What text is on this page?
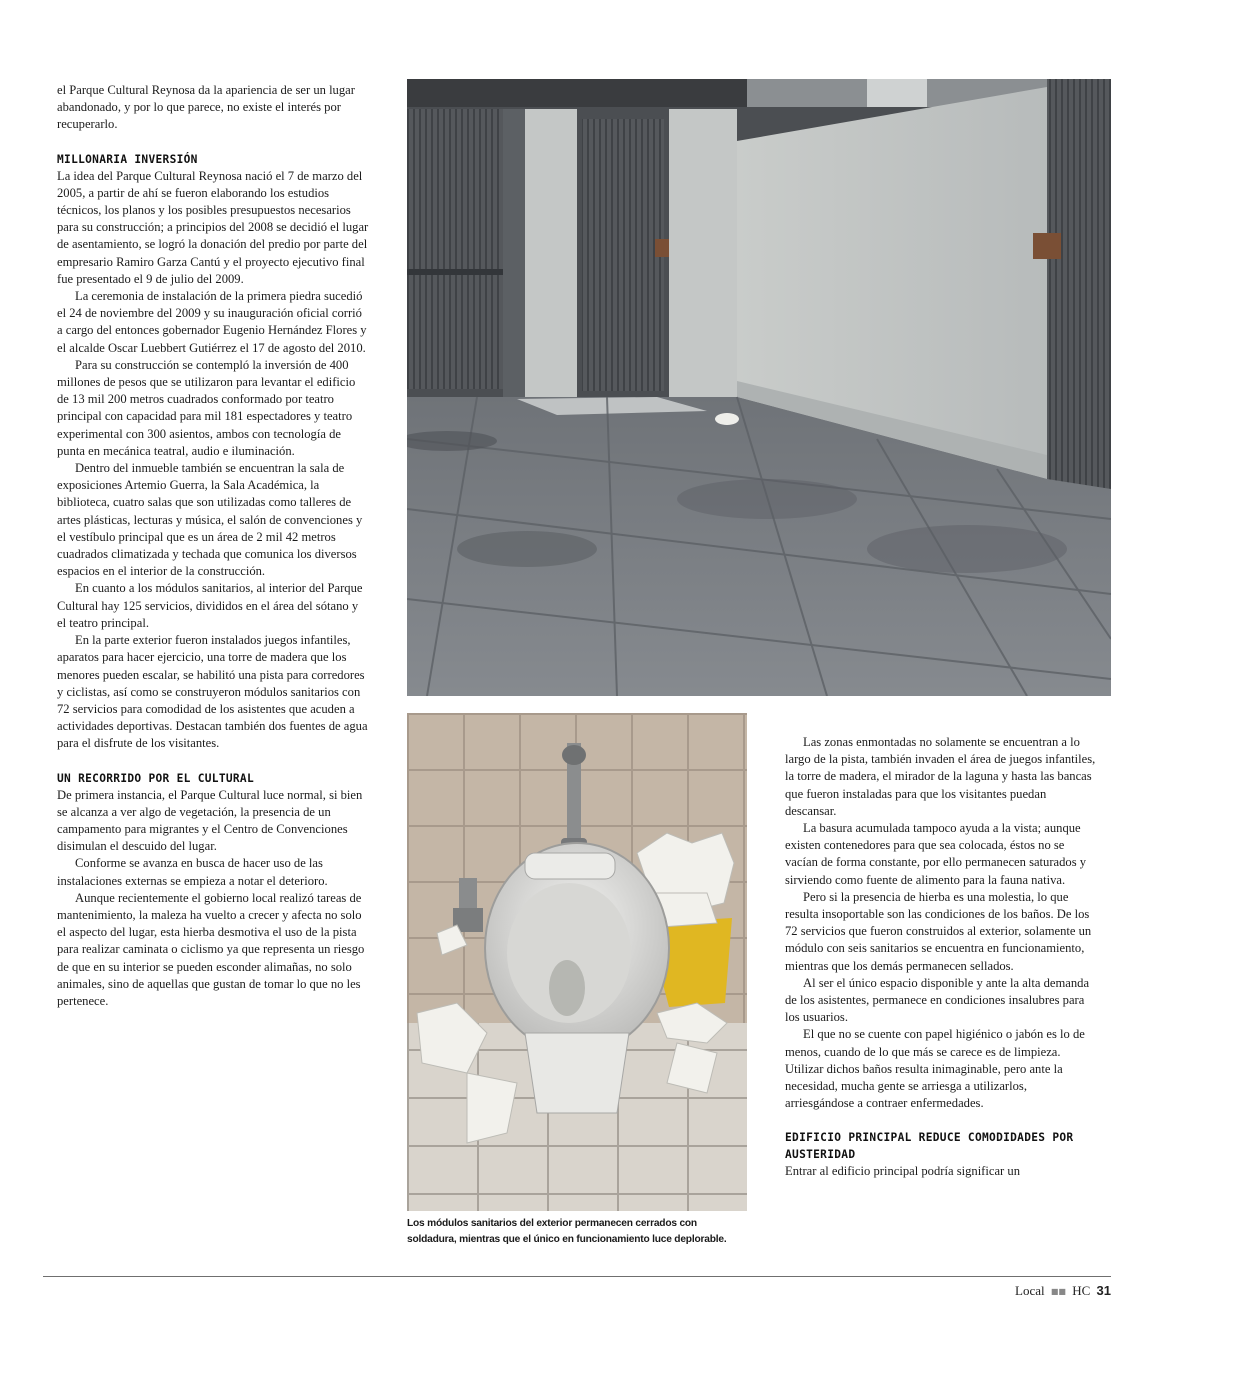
el Parque Cultural Reynosa da la apariencia de ser un lugar abandonado, y por lo que parece, no existe el interés por recuperarlo.

MILLONARIA INVERSIÓN

La idea del Parque Cultural Reynosa nació el 7 de marzo del 2005, a partir de ahí se fueron elaborando los estudios técnicos, los planos y los posibles presupuestos necesarios para su construcción; a principios del 2008 se decidió el lugar de asentamiento, se logró la donación del predio por parte del empresario Ramiro Garza Cantú y el proyecto ejecutivo final fue presentado el 9 de julio del 2009.

La ceremonia de instalación de la primera piedra sucedió el 24 de noviembre del 2009 y su inauguración oficial corrió a cargo del entonces gobernador Eugenio Hernández Flores y el alcalde Oscar Luebbert Gutiérrez el 17 de agosto del 2010.

Para su construcción se contempló la inversión de 400 millones de pesos que se utilizaron para levantar el edificio de 13 mil 200 metros cuadrados conformado por teatro principal con capacidad para mil 181 espectadores y teatro experimental con 300 asientos, ambos con tecnología de punta en mecánica teatral, audio e iluminación.

Dentro del inmueble también se encuentran la sala de exposiciones Artemio Guerra, la Sala Académica, la biblioteca, cuatro salas que son utilizadas como talleres de artes plásticas, lecturas y música, el salón de convenciones y el vestíbulo principal que es un área de 2 mil 42 metros cuadrados climatizada y techada que comunica los diversos espacios en el interior de la construcción.

En cuanto a los módulos sanitarios, al interior del Parque Cultural hay 125 servicios, divididos en el área del sótano y el teatro principal.

En la parte exterior fueron instalados juegos infantiles, aparatos para hacer ejercicio, una torre de madera que los menores pueden escalar, se habilitó una pista para corredores y ciclistas, así como se construyeron módulos sanitarios con 72 servicios para comodidad de los asistentes que acuden a actividades deportivas. Destacan también dos fuentes de agua para el disfrute de los visitantes.

UN RECORRIDO POR EL CULTURAL

De primera instancia, el Parque Cultural luce normal, si bien se alcanza a ver algo de vegetación, la presencia de un campamento para migrantes y el Centro de Convenciones disimulan el descuido del lugar.

Conforme se avanza en busca de hacer uso de las instalaciones externas se empieza a notar el deterioro.

Aunque recientemente el gobierno local realizó tareas de mantenimiento, la maleza ha vuelto a crecer y afecta no solo el aspecto del lugar, esta hierba desmotiva el uso de la pista para realizar caminata o ciclismo ya que representa un riesgo de que en su interior se pueden esconder alimañas, no solo animales, sino de aquellas que gustan de tomar lo que no les pertenece.

Los módulos sanitarios del exterior permanecen cerrados con soldadura, mientras que el único en funcionamiento luce deplorable.

Las zonas enmontadas no solamente se encuentran a lo largo de la pista, también invaden el área de juegos infantiles, la torre de madera, el mirador de la laguna y hasta las bancas que fueron instaladas para que los visitantes puedan descansar.

La basura acumulada tampoco ayuda a la vista; aunque existen contenedores para que sea colocada, éstos no se vacían de forma constante, por ello permanecen saturados y sirviendo como fuente de alimento para la fauna nativa.

Pero si la presencia de hierba es una molestia, lo que resulta insoportable son las condiciones de los baños. De los 72 servicios que fueron construidos al exterior, solamente un módulo con seis sanitarios se encuentra en funcionamiento, mientras que los demás permanecen sellados.

Al ser el único espacio disponible y ante la alta demanda de los asistentes, permanece en condiciones insalubres para los usuarios.

El que no se cuente con papel higiénico o jabón es lo de menos, cuando de lo que más se carece es de limpieza. Utilizar dichos baños resulta inimaginable, pero ante la necesidad, mucha gente se arriesga a utilizarlos, arriesgándose a contraer enfermedades.

EDIFICIO PRINCIPAL REDUCE COMODIDADES POR AUSTERIDAD

Entrar al edificio principal podría significar un

Local ■■ HC 31
